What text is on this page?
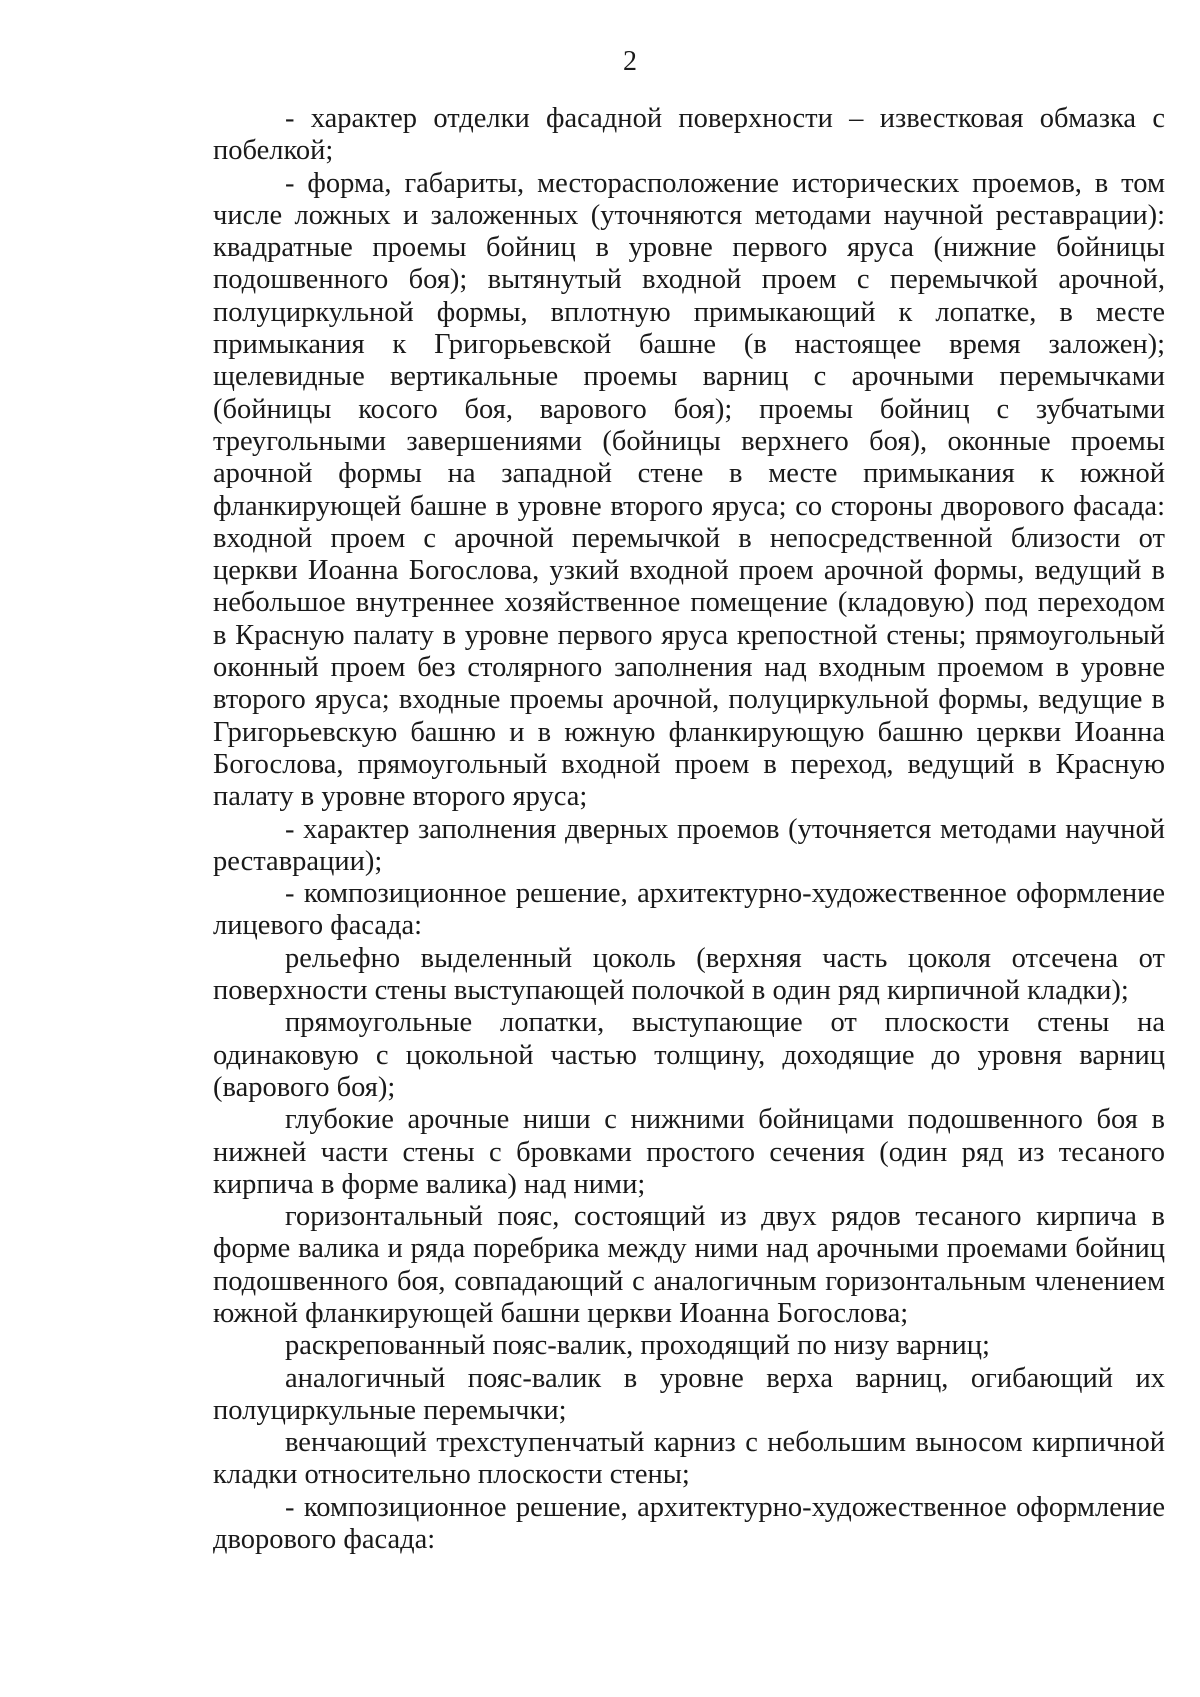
2

- характер отделки фасадной поверхности – известковая обмазка с побелкой;

- форма, габариты, месторасположение исторических проемов, в том числе ложных и заложенных (уточняются методами научной реставрации): квадратные проемы бойниц в уровне первого яруса (нижние бойницы подошвенного боя); вытянутый входной проем с перемычкой арочной, полуциркульной формы, вплотную примыкающий к лопатке, в месте примыкания к Григорьевской башне (в настоящее время заложен); щелевидные вертикальные проемы варниц с арочными перемычками (бойницы косого боя, варового боя); проемы бойниц с зубчатыми треугольными завершениями (бойницы верхнего боя), оконные проемы арочной формы на западной стене в месте примыкания к южной фланкирующей башне в уровне второго яруса; со стороны дворового фасада: входной проем с арочной перемычкой в непосредственной близости от церкви Иоанна Богослова, узкий входной проем арочной формы, ведущий в небольшое внутреннее хозяйственное помещение (кладовую) под переходом в Красную палату в уровне первого яруса крепостной стены; прямоугольный оконный проем без столярного заполнения над входным проемом в уровне второго яруса; входные проемы арочной, полуциркульной формы, ведущие в Григорьевскую башню и в южную фланкирующую башню церкви Иоанна Богослова, прямоугольный входной проем в переход, ведущий в Красную палату в уровне второго яруса;

- характер заполнения дверных проемов (уточняется методами научной реставрации);

- композиционное решение, архитектурно-художественное оформление лицевого фасада:

рельефно выделенный цоколь (верхняя часть цоколя отсечена от поверхности стены выступающей полочкой в один ряд кирпичной кладки);

прямоугольные лопатки, выступающие от плоскости стены на одинаковую с цокольной частью толщину, доходящие до уровня варниц (варового боя);

глубокие арочные ниши с нижними бойницами подошвенного боя в нижней части стены с бровками простого сечения (один ряд из тесаного кирпича в форме валика) над ними;

горизонтальный пояс, состоящий из двух рядов тесаного кирпича в форме валика и ряда поребрика между ними над арочными проемами бойниц подошвенного боя, совпадающий с аналогичным горизонтальным членением южной фланкирующей башни церкви Иоанна Богослова;

раскрепованный пояс-валик, проходящий по низу варниц;

аналогичный пояс-валик в уровне верха варниц, огибающий их полуциркульные перемычки;

венчающий трехступенчатый карниз с небольшим выносом кирпичной кладки относительно плоскости стены;

- композиционное решение, архитектурно-художественное оформление дворового фасада:
